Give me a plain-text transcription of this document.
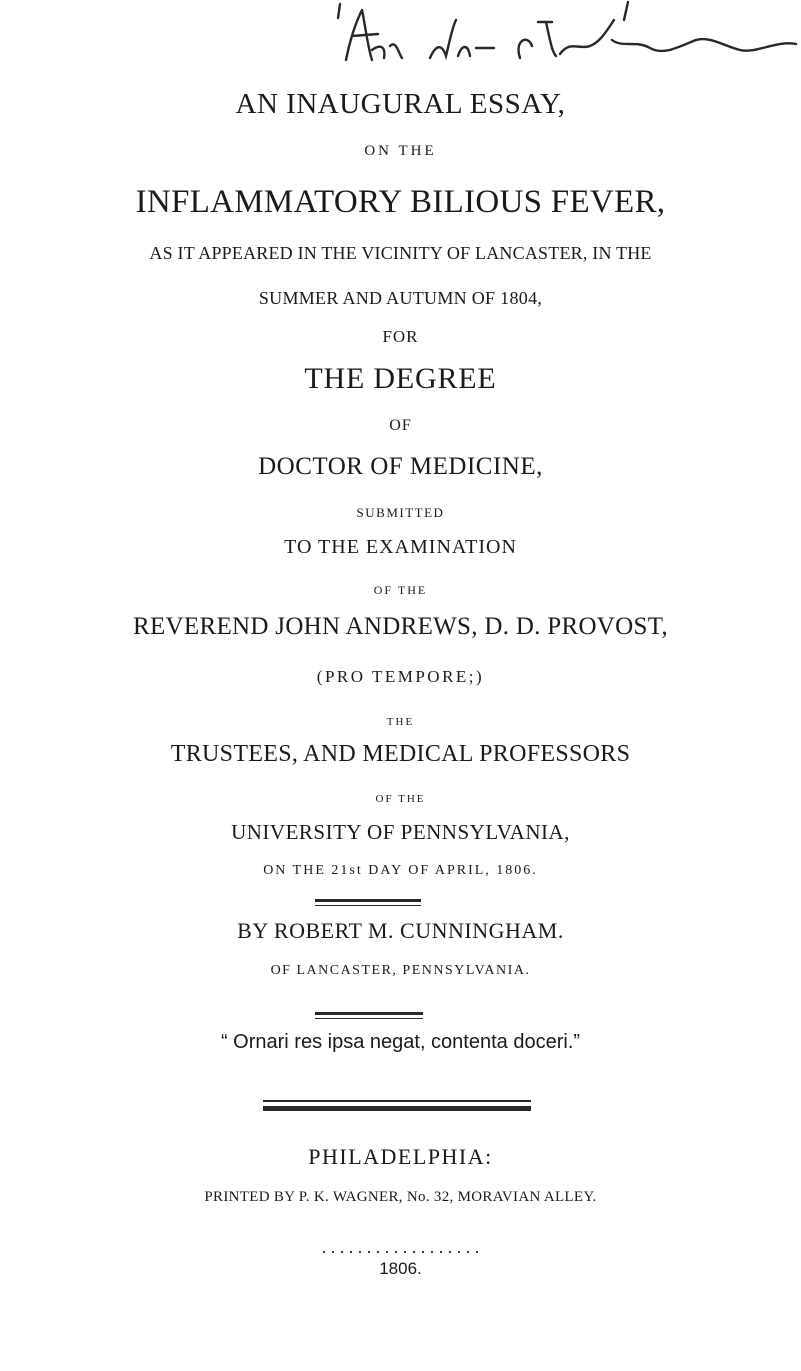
AN INAUGURAL ESSAY,
ON THE
INFLAMMATORY BILIOUS FEVER,
AS IT APPEARED IN THE VICINITY OF LANCASTER, IN THE
SUMMER AND AUTUMN OF 1804,
FOR
THE DEGREE
OF
DOCTOR OF MEDICINE,
SUBMITTED
TO THE EXAMINATION
OF THE
REVEREND JOHN ANDREWS, D. D. PROVOST,
(PRO TEMPORE;)
THE
TRUSTEES, AND MEDICAL PROFESSORS
OF THE
UNIVERSITY OF PENNSYLVANIA,
ON THE 21st DAY OF APRIL, 1806.
BY ROBERT M. CUNNINGHAM.
OF LANCASTER, PENNSYLVANIA.
“ Ornari res ipsa negat, contenta doceri.”
PHILADELPHIA:
PRINTED BY P. K. WAGNER, No. 32, MORAVIAN ALLEY.
. . . . . . . . . . . . . . . . . .
1806.
